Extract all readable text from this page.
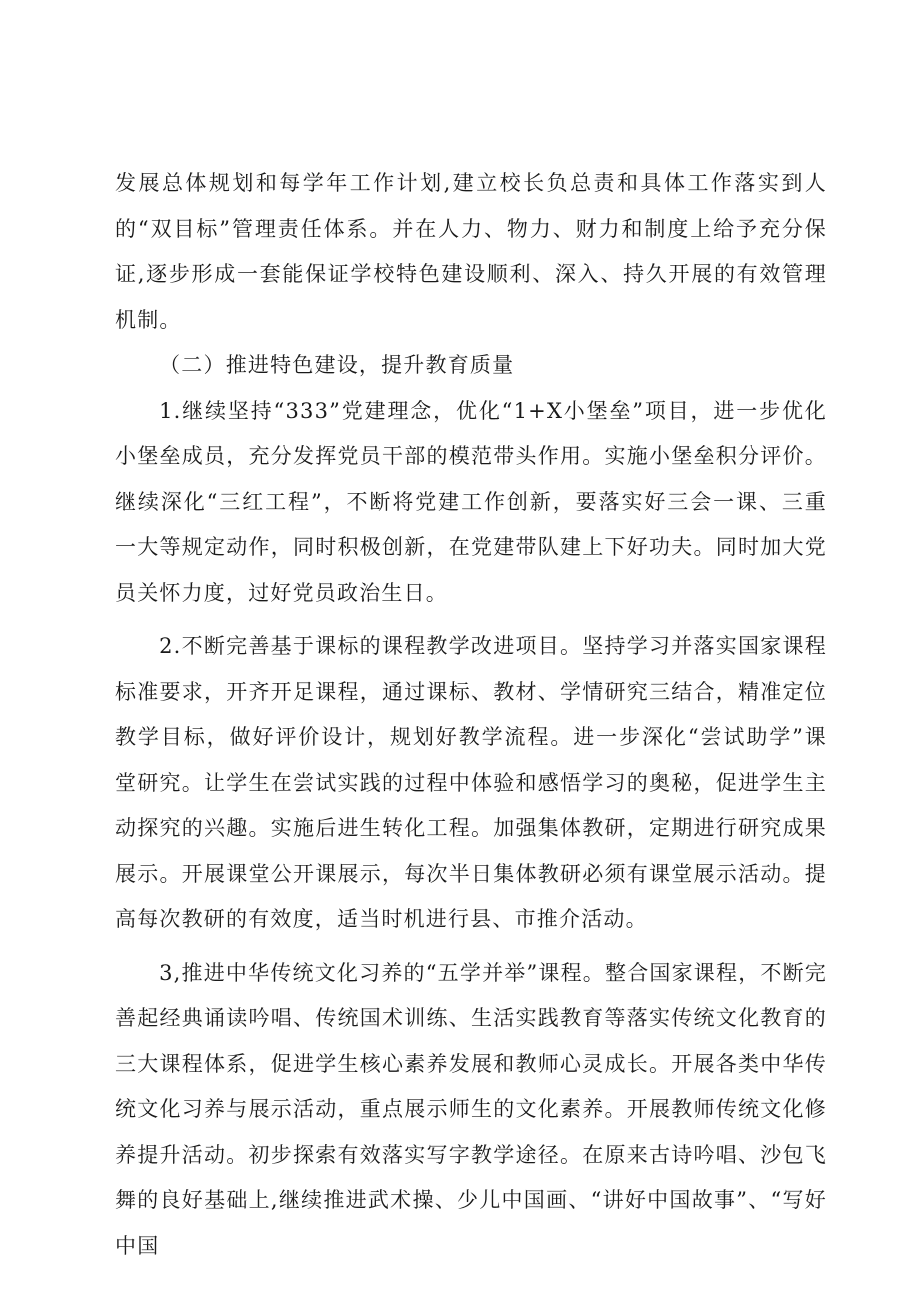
发展总体规划和每学年工作计划,建立校长负总责和具体工作落实到人的“双目标”管理责任体系。并在人力、物力、财力和制度上给予充分保证,逐步形成一套能保证学校特色建设顺利、深入、持久开展的有效管理机制。

（二）推进特色建设，提升教育质量

1.继续坚持“333”党建理念，优化“1+X小堡垒”项目，进一步优化小堡垒成员，充分发挥党员干部的模范带头作用。实施小堡垒积分评价。继续深化“三红工程”，不断将党建工作创新，要落实好三会一课、三重一大等规定动作，同时积极创新，在党建带队建上下好功夫。同时加大党员关怀力度，过好党员政治生日。

2.不断完善基于课标的课程教学改进项目。坚持学习并落实国家课程标准要求，开齐开足课程，通过课标、教材、学情研究三结合，精准定位教学目标，做好评价设计，规划好教学流程。进一步深化“尝试助学”课堂研究。让学生在尝试实践的过程中体验和感悟学习的奥秘，促进学生主动探究的兴趣。实施后进生转化工程。加强集体教研，定期进行研究成果展示。开展课堂公开课展示，每次半日集体教研必须有课堂展示活动。提高每次教研的有效度，适当时机进行县、市推介活动。

3,推进中华传统文化习养的“五学并举”课程。整合国家课程，不断完善起经典诵读吟唱、传统国术训练、生活实践教育等落实传统文化教育的三大课程体系，促进学生核心素养发展和教师心灵成长。开展各类中华传统文化习养与展示活动，重点展示师生的文化素养。开展教师传统文化修养提升活动。初步探索有效落实写字教学途径。在原来古诗吟唱、沙包飞舞的良好基础上,继续推进武术操、少儿中国画、“讲好中国故事”、“写好中国
